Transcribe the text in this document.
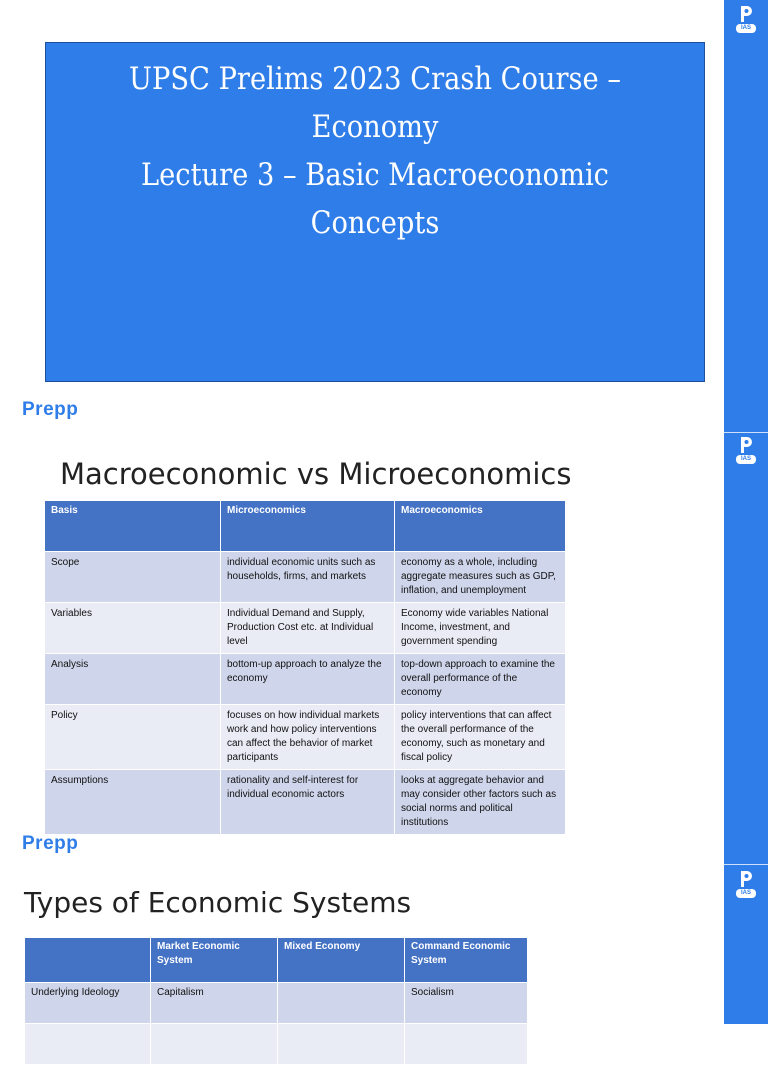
IAS
IAS
IAS
UPSC Prelims 2023 Crash Course –
Economy
Lecture 3 – Basic Macroeconomic
Concepts
Prepp
Macroeconomic vs Microeconomics
Basis	Microeconomics	Macroeconomics
Scope	individual economic units such as households, firms, and markets	economy as a whole, including aggregate measures such as GDP, inflation, and unemployment
Variables	Individual Demand and Supply, Production Cost etc. at Individual level	Economy wide variables National Income, investment, and government spending
Analysis	bottom-up approach to analyze the economy	top-down approach to examine the overall performance of the economy
Policy	focuses on how individual markets work and how policy interventions can affect the behavior of market participants	policy interventions that can affect the overall performance of the economy, such as monetary and fiscal policy
Assumptions	rationality and self-interest for individual economic actors	looks at aggregate behavior and may consider other factors such as social norms and political institutions
Prepp
Types of Economic Systems
	Market Economic System	Mixed Economy	Command Economic System
Underlying Ideology	Capitalism		Socialism
